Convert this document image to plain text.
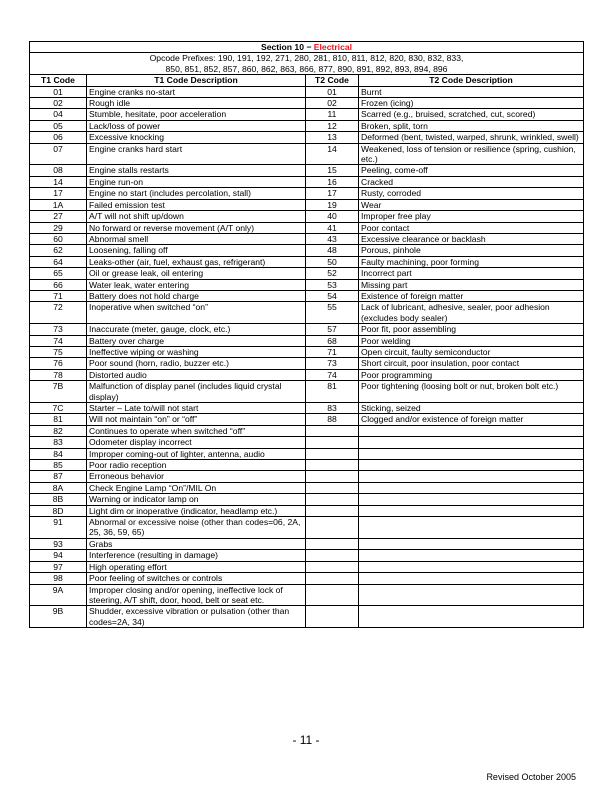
Section 10 − Electrical			

Opcode Prefixes: 190, 191, 192, 271, 280, 281, 810, 811, 812, 820, 830, 832, 833,
850, 851, 852, 857, 860, 862, 863, 866, 877, 890, 891, 892, 893, 894, 896			

T1 Code	T1 Code Description	T2 Code	T2 Code Description
01	Engine cranks no-start	01	Burnt
02	Rough idle	02	Frozen (icing)
04	Stumble, hesitate, poor acceleration	11	Scarred (e.g., bruised, scratched, cut, scored)
05	Lack/loss of power	12	Broken, split, torn
06	Excessive knocking	13	Deformed (bent, twisted, warped, shrunk, wrinkled, swell)
07	Engine cranks hard start	14	Weakened, loss of tension or resilience (spring, cushion, etc.)
08	Engine stalls restarts	15	Peeling, come-off
14	Engine run-on	16	Cracked
17	Engine no start (includes percolation, stall)	17	Rusty, corroded
1A	Failed emission test	19	Wear
27	A/T will not shift up/down	40	Improper free play
29	No forward or reverse movement (A/T only)	41	Poor contact
60	Abnormal smell	43	Excessive clearance or backlash
62	Loosening, falling off	48	Porous, pinhole
64	Leaks-other (air, fuel, exhaust gas, refrigerant)	50	Faulty machining, poor forming
65	Oil or grease leak, oil entering	52	Incorrect part
66	Water leak, water entering	53	Missing part
71	Battery does not hold charge	54	Existence of foreign matter
72	Inoperative when switched “on”	55	Lack of lubricant, adhesive, sealer, poor adhesion (excludes body sealer)
73	Inaccurate (meter, gauge, clock, etc.)	57	Poor fit, poor assembling
74	Battery over charge	68	Poor welding
75	Ineffective wiping or washing	71	Open circuit, faulty semiconductor
76	Poor sound (horn, radio, buzzer etc.)	73	Short circuit, poor insulation, poor contact
78	Distorted audio	74	Poor programming
7B	Malfunction of display panel (includes liquid crystal display)	81	Poor tightening (loosing bolt or nut, broken bolt etc.)
7C	Starter – Late to/will not start	83	Sticking, seized
81	Will not maintain “on” or “off”	88	Clogged and/or existence of foreign matter
82	Continues to operate when switched “off”		
83	Odometer display incorrect		
84	Improper coming-out of lighter, antenna, audio		
85	Poor radio reception		
87	Erroneous behavior		
8A	Check Engine Lamp “On”/MIL On		
8B	Warning or indicator lamp on		
8D	Light dim or inoperative (indicator, headlamp etc.)		
91	Abnormal or excessive noise (other than codes=06, 2A, 25, 36, 59, 65)		
93	Grabs		
94	Interference (resulting in damage)		
97	High operating effort		
98	Poor feeling of switches or controls		
9A	Improper closing and/or opening, ineffective lock of steering, A/T shift, door, hood, belt or seat etc.		
9B	Shudder, excessive vibration or pulsation (other than codes=2A, 34)		
- 11 -
Revised October 2005
